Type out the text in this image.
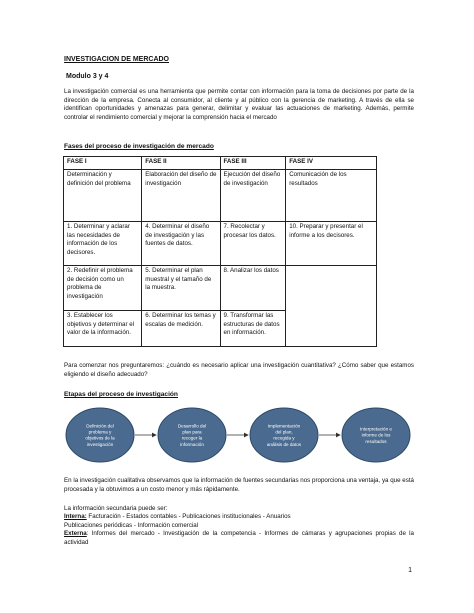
INVESTIGACION DE MERCADO
Modulo 3 y 4
La investigación comercial es una herramienta que permite contar con información para la toma de decisiones por parte de la dirección de la empresa. Conecta al consumidor, al cliente y al público con la gerencia de marketing. A través de ella se identifican oportunidades y amenazas para generar, delimitar y evaluar las actuaciones de marketing. Además, permite controlar el rendimiento comercial y mejorar la comprensión hacia el mercado
Fases del proceso de investigación de mercado
FASE I	FASE II	FASE III	FASE IV
Determinación y definición del problema	Elaboración del diseño de investigación	Ejecución del diseño de investigación	Comunicación de los resultados
1. Determinar y aclarar las necesidades de información de los decisores.	4. Determinar el diseño de investigación y las fuentes de datos.	7. Recolectar y procesar los datos.	10. Preparar y presentar el informe a los decisores.
2. Redefinir el problema de decisión como un problema de investigación	5. Determinar el plan muestral y el tamaño de la muestra.	8. Analizar los datos	
3. Establecer los objetivos y determinar el valor de la información.	6. Determinar los temas y escalas de medición.	9. Transformar las estructuras de datos en información.	
Para comenzar nos preguntaremos: ¿cuándo es necesario aplicar una investigación cuantitativa? ¿Cómo saber que estamos eligiendo el diseño adecuado?
Etapas del proceso de investigación
Definición del
problema y
objetivos de la
investigación
Desarrollo del
plan para
recoger la
información
Implementación
del plan,
recogida y
análisis de datos
Interpretación e
informe de los
resultados
En la investigación cualitativa observamos que la información de fuentes secundarias nos proporciona una ventaja, ya que está procesada y la obtuvimos a un costo menor y más rápidamente.
La información secundaria puede ser:
Interna: Facturación - Estados contables - Publicaciones institucionales - Anuarios
Publicaciones periódicas - Información comercial
Externa: Informes del mercado - Investigación de la competencia - Informes de cámaras y agrupaciones propias de la actividad
1
